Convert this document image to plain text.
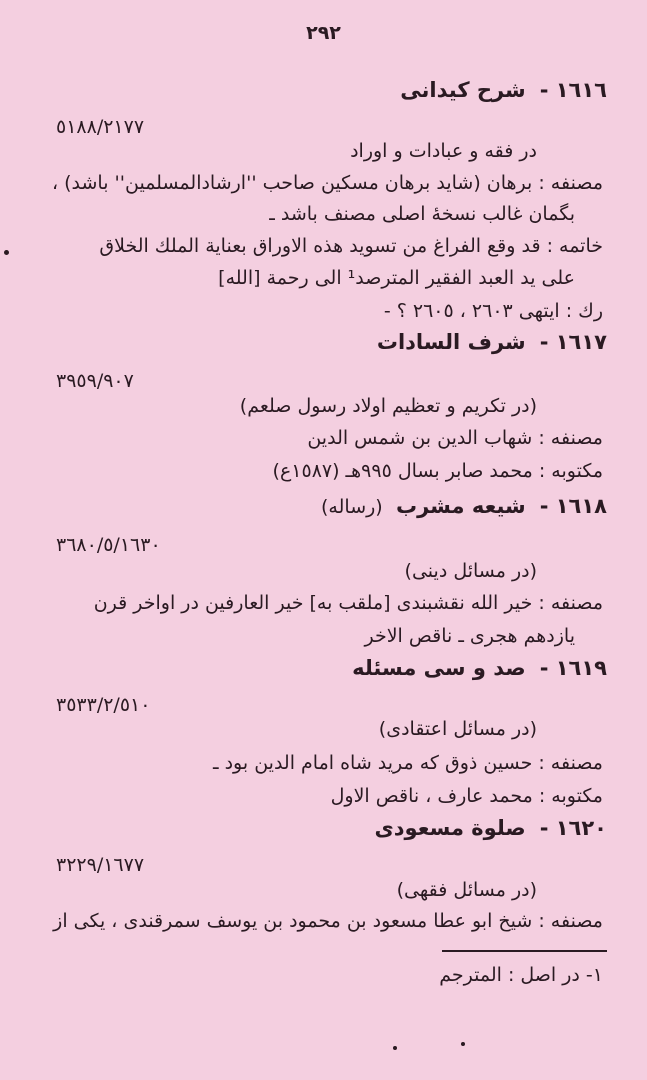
٢٩٢
١٦١٦ -شرح كيدانى
٥١٨٨/٢١٧٧
در فقه و عبادات و اوراد
مصنفه : برهان (شايد برهان مسكين صاحب ''ارشادالمسلمين'' باشد) ،
بگمان غالب نسخهٔ اصلى مصنف باشد ـ
خاتمه : قد وقع الفراغ من تسويد هذه الاوراق بعناية الملك الخلاق
على يد العبد الفقير المترصد¹ الى رحمة [الله]
رك : ايتهى ٢٦٠٣ ، ٢٦٠٥ ؟ -
١٦١٧ -شرف السادات
٣٩٥٩/٩٠٧
(در تكريم و تعظيم اولاد رسول صلعم)
مصنفه : شهاب الدين بن شمس الدين
مكتوبه : محمد صابر بسال ٩٩٥هـ (١٥٨٧ع)
١٦١٨ -شيعه مشرب (رساله)
٣٦٨٠/٥/١٦٣٠
(در مسائل دينى)
مصنفه : خير الله نقشبندى [ملقب به] خير العارفين در اواخر قرن
يازدهم هجرى ـ ناقص الاخر
١٦١٩ -صد و سى مسئله
٣٥٣٣/٢/٥١٠
(در مسائل اعتقادى)
مصنفه : حسين ذوق كه مريد شاه امام الدين بود ـ
مكتوبه : محمد عارف ، ناقص الاول
١٦٢٠ -صلوة مسعودى
٣٢٢٩/١٦٧٧
(در مسائل فقهى)
مصنفه : شيخ ابو عطا مسعود بن محمود بن يوسف سمرقندى ، يكى از
١- در اصل : المترجم
